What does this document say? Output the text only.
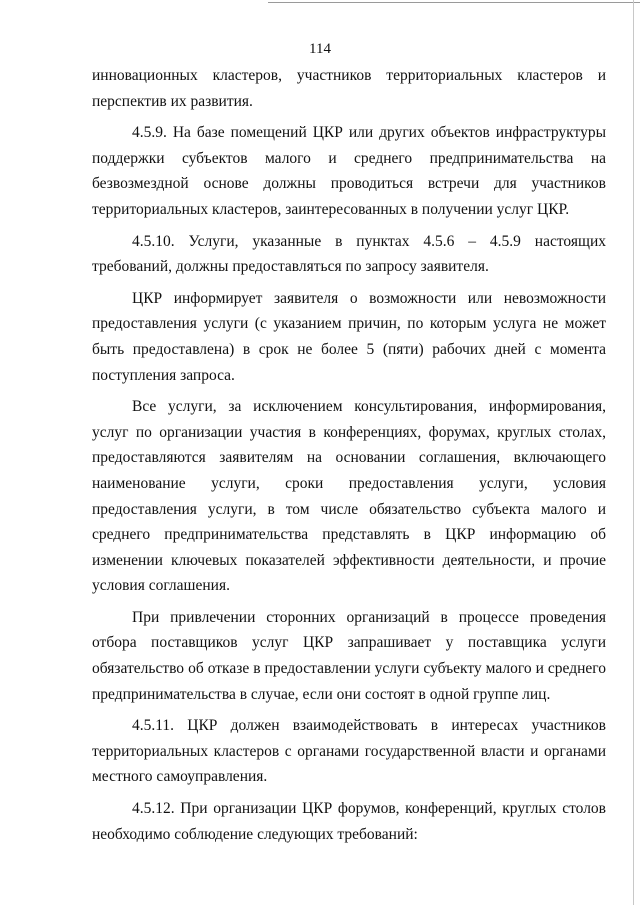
114

инновационных кластеров, участников территориальных кластеров и перспектив их развития.

4.5.9. На базе помещений ЦКР или других объектов инфраструктуры поддержки субъектов малого и среднего предпринимательства на безвозмездной основе должны проводиться встречи для участников территориальных кластеров, заинтересованных в получении услуг ЦКР.

4.5.10. Услуги, указанные в пунктах 4.5.6 – 4.5.9 настоящих требований, должны предоставляться по запросу заявителя.

ЦКР информирует заявителя о возможности или невозможности предоставления услуги (с указанием причин, по которым услуга не может быть предоставлена) в срок не более 5 (пяти) рабочих дней с момента поступления запроса.

Все услуги, за исключением консультирования, информирования, услуг по организации участия в конференциях, форумах, круглых столах, предоставляются заявителям на основании соглашения, включающего наименование услуги, сроки предоставления услуги, условия предоставления услуги, в том числе обязательство субъекта малого и среднего предпринимательства представлять в ЦКР информацию об изменении ключевых показателей эффективности деятельности, и прочие условия соглашения.

При привлечении сторонних организаций в процессе проведения отбора поставщиков услуг ЦКР запрашивает у поставщика услуги обязательство об отказе в предоставлении услуги субъекту малого и среднего предпринимательства в случае, если они состоят в одной группе лиц.

4.5.11. ЦКР должен взаимодействовать в интересах участников территориальных кластеров с органами государственной власти и органами местного самоуправления.

4.5.12. При организации ЦКР форумов, конференций, круглых столов необходимо соблюдение следующих требований:
